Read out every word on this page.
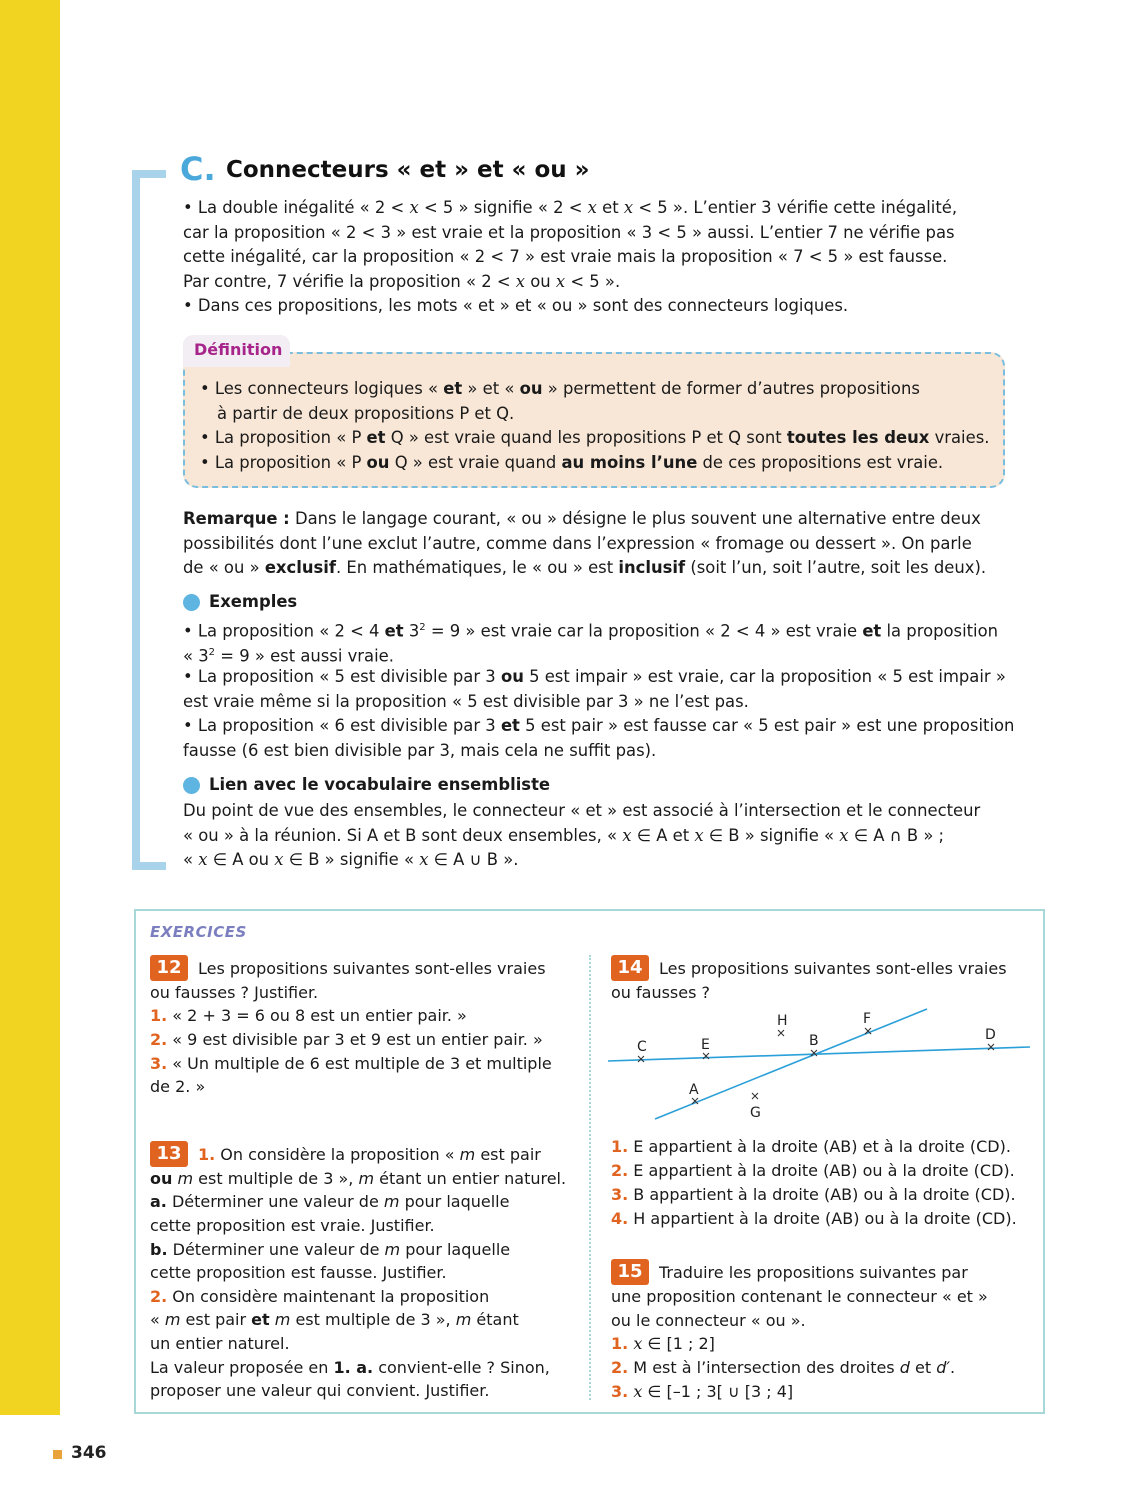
C. Connecteurs « et » et « ou »
• La double inégalité « 2 < x < 5 » signifie « 2 < x et x < 5 ». L’entier 3 vérifie cette inégalité,
car la proposition « 2 < 3 » est vraie et la proposition « 3 < 5 » aussi. L’entier 7 ne vérifie pas
cette inégalité, car la proposition « 2 < 7 » est vraie mais la proposition « 7 < 5 » est fausse.
Par contre, 7 vérifie la proposition « 2 < x ou x < 5 ».
• Dans ces propositions, les mots « et » et « ou » sont des connecteurs logiques.
Définition
• Les connecteurs logiques « et » et « ou » permettent de former d’autres propositions
à partir de deux propositions P et Q.
• La proposition « P et Q » est vraie quand les propositions P et Q sont toutes les deux vraies.
• La proposition « P ou Q » est vraie quand au moins l’une de ces propositions est vraie.
Remarque : Dans le langage courant, « ou » désigne le plus souvent une alternative entre deux
possibilités dont l’une exclut l’autre, comme dans l’expression « fromage ou dessert ». On parle
de « ou » exclusif. En mathématiques, le « ou » est inclusif (soit l’un, soit l’autre, soit les deux).
Exemples
• La proposition « 2 < 4 et $3^2 = 9$ » est vraie car la proposition « 2 < 4 » est vraie et la proposition
« $3^2 = 9$ » est aussi vraie.
• La proposition « 5 est divisible par 3 ou 5 est impair » est vraie, car la proposition « 5 est impair »
est vraie même si la proposition « 5 est divisible par 3 » ne l’est pas.
• La proposition « 6 est divisible par 3 et 5 est pair » est fausse car « 5 est pair » est une proposition
fausse (6 est bien divisible par 3, mais cela ne suffit pas).
Lien avec le vocabulaire ensembliste
Du point de vue des ensembles, le connecteur « et » est associé à l’intersection et le connecteur
« ou » à la réunion. Si A et B sont deux ensembles, « x ∈ A et x ∈ B » signifie « x ∈ A ∩ B » ;
« x ∈ A ou x ∈ B » signifie « x ∈ A ∪ B ».
EXERCICES
12	Les propositions suivantes sont-elles vraies
ou fausses ? Justifier.
1. « 2 + 3 = 6 ou 8 est un entier pair. »
2. « 9 est divisible par 3 et 9 est un entier pair. »
3. « Un multiple de 6 est multiple de 3 et multiple
de 2. »
13	1. On considère la proposition « m est pair
ou m est multiple de 3 », m étant un entier naturel.
a. Déterminer une valeur de m pour laquelle
cette proposition est vraie. Justifier.
b. Déterminer une valeur de m pour laquelle
cette proposition est fausse. Justifier.
2. On considère maintenant la proposition
« m est pair et m est multiple de 3 », m étant
un entier naturel.
La valeur proposée en 1. a. convient-elle ? Sinon,
proposer une valeur qui convient. Justifier.
14	Les propositions suivantes sont-elles vraies
ou fausses ?
H	F
C	E	B	D
A
G
1. E appartient à la droite (AB) et à la droite (CD).
2. E appartient à la droite (AB) ou à la droite (CD).
3. B appartient à la droite (AB) ou à la droite (CD).
4. H appartient à la droite (AB) ou à la droite (CD).
15	Traduire les propositions suivantes par
une proposition contenant le connecteur « et »
ou le connecteur « ou ».
1. x ∈ [1 ; 2]
2. M est à l’intersection des droites d et d′.
3. x ∈ [–1 ; 3[ ∪ [3 ; 4]
346
